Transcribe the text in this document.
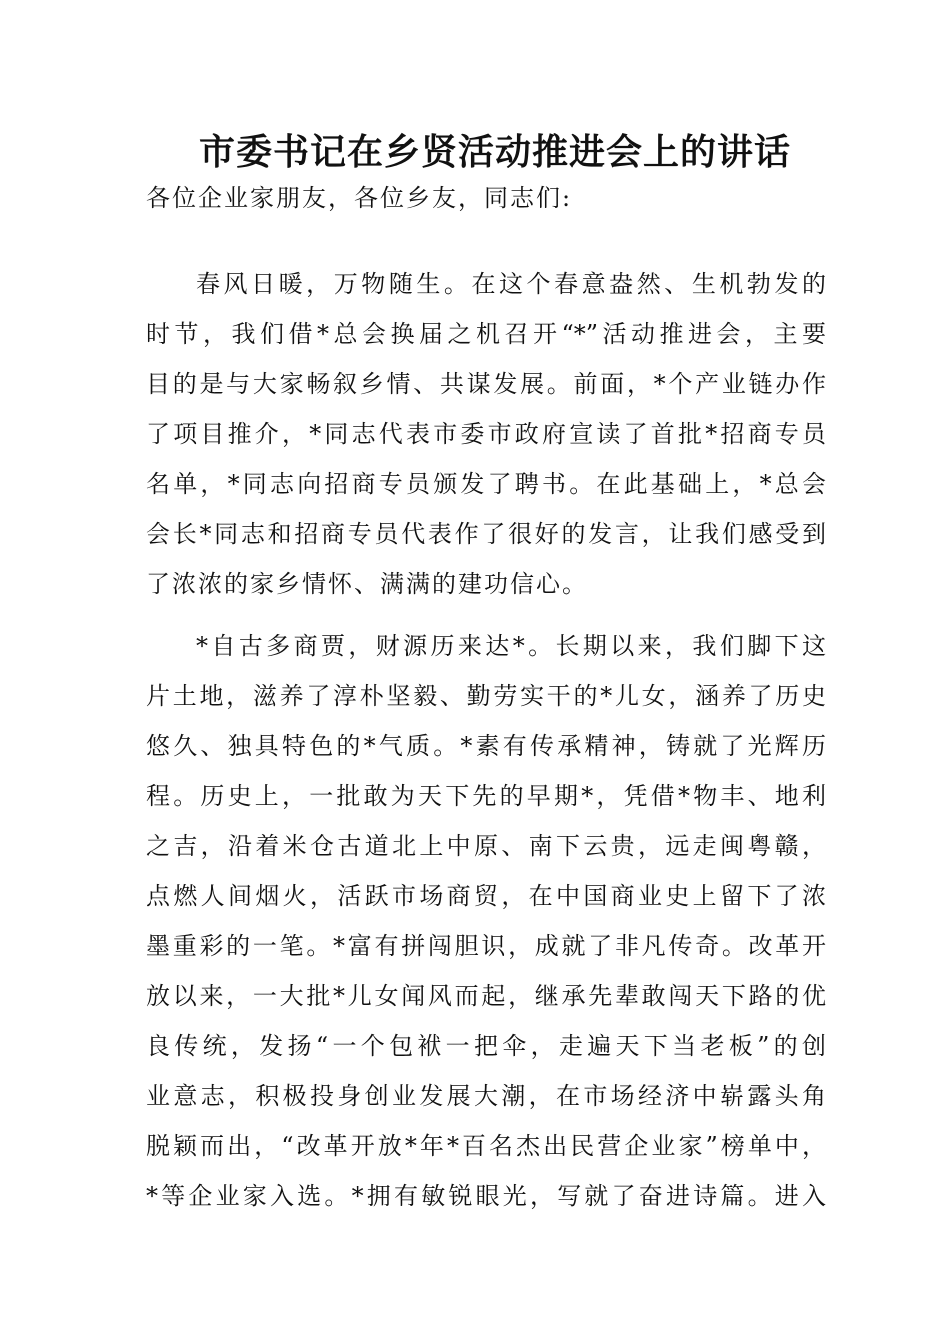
市委书记在乡贤活动推进会上的讲话
各位企业家朋友，各位乡友，同志们:
春风日暖，万物随生。在这个春意盎然、生机勃发的
时节，我们借*总会换届之机召开“*”活动推进会，主要
目的是与大家畅叙乡情、共谋发展。前面，*个产业链办作
了项目推介，*同志代表市委市政府宣读了首批*招商专员
名单，*同志向招商专员颁发了聘书。在此基础上，*总会
会长*同志和招商专员代表作了很好的发言，让我们感受到
了浓浓的家乡情怀、满满的建功信心。
*自古多商贾，财源历来达*。长期以来，我们脚下这
片土地，滋养了淳朴坚毅、勤劳实干的*儿女，涵养了历史
悠久、独具特色的*气质。*素有传承精神，铸就了光辉历
程。历史上，一批敢为天下先的早期*，凭借*物丰、地利
之吉，沿着米仓古道北上中原、南下云贵，远走闽粤赣，
点燃人间烟火，活跃市场商贸，在中国商业史上留下了浓
墨重彩的一笔。*富有拼闯胆识，成就了非凡传奇。改革开
放以来，一大批*儿女闻风而起，继承先辈敢闯天下路的优
良传统，发扬“一个包袱一把伞，走遍天下当老板”的创
业意志，积极投身创业发展大潮，在市场经济中崭露头角
脱颖而出，“改革开放*年*百名杰出民营企业家”榜单中，
*等企业家入选。*拥有敏锐眼光，写就了奋进诗篇。进入
